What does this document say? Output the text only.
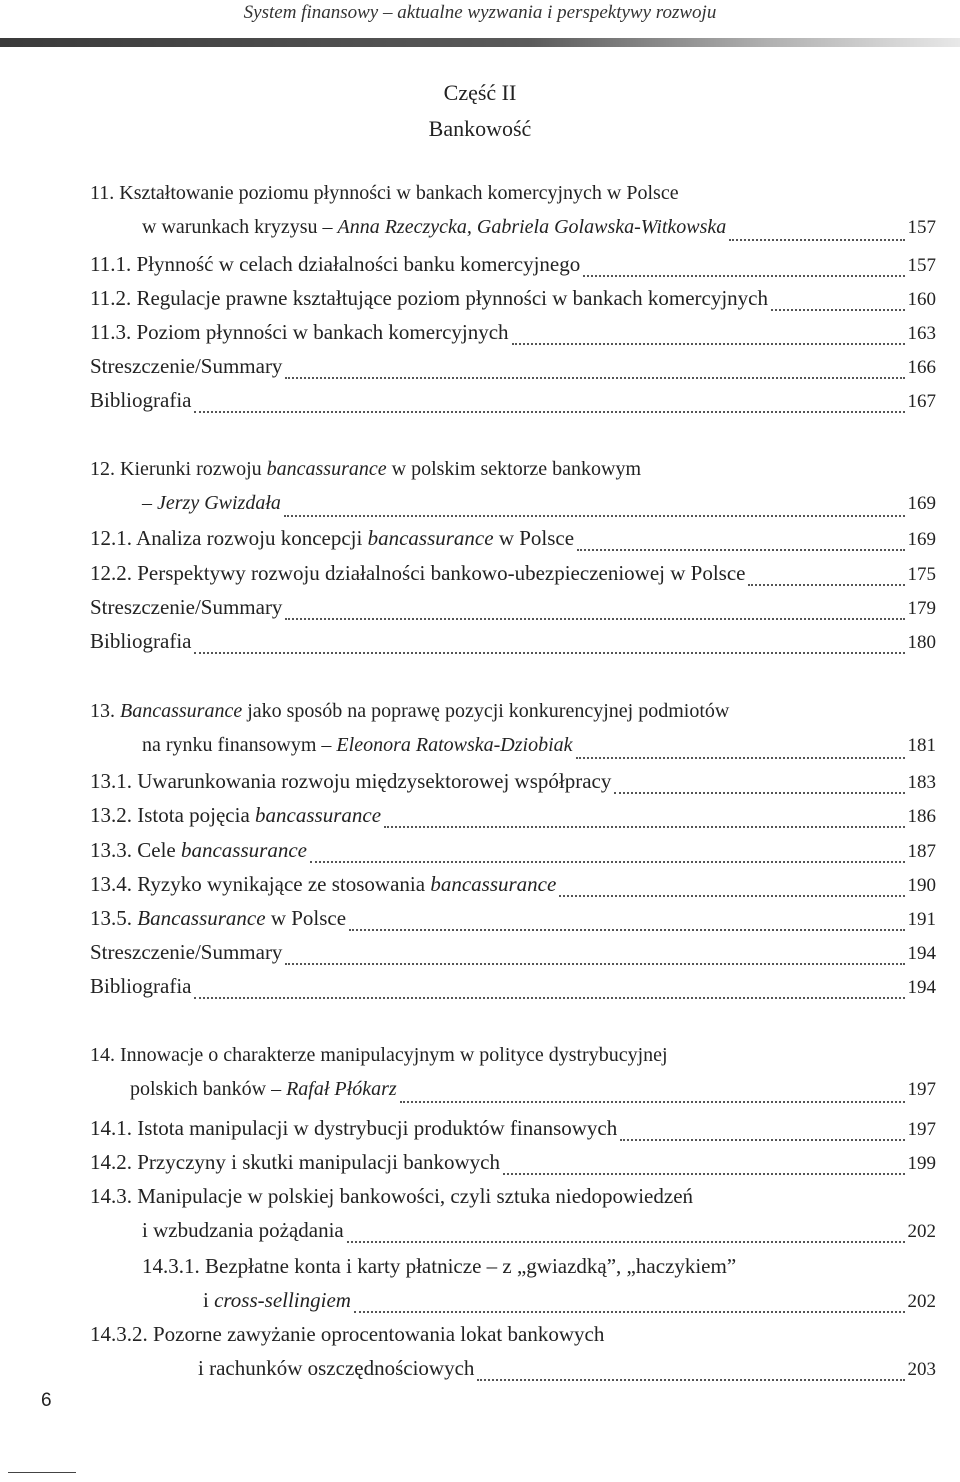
System finansowy – aktualne wyzwania i perspektywy rozwoju
Część II
Bankowość
11. Kształtowanie poziomu płynności w bankach komercyjnych w Polsce
w warunkach kryzysu – Anna Rzeczycka, Gabriela Golawska-Witkowska	157
11.1. Płynność w celach działalności banku komercyjnego	157
11.2. Regulacje prawne kształtujące poziom płynności w bankach komercyjnych	160
11.3. Poziom płynności w bankach komercyjnych	163
Streszczenie/Summary	166
Bibliografia	167
12. Kierunki rozwoju bancassurance w polskim sektorze bankowym
– Jerzy Gwizdała	169
12.1. Analiza rozwoju koncepcji bancassurance w Polsce	169
12.2. Perspektywy rozwoju działalności bankowo-ubezpieczeniowej w Polsce	175
Streszczenie/Summary	179
Bibliografia	180
13. Bancassurance jako sposób na poprawę pozycji konkurencyjnej podmiotów
na rynku finansowym – Eleonora Ratowska-Dziobiak	181
13.1. Uwarunkowania rozwoju międzysektorowej współpracy	183
13.2. Istota pojęcia bancassurance	186
13.3. Cele bancassurance	187
13.4. Ryzyko wynikające ze stosowania bancassurance	190
13.5. Bancassurance w Polsce	191
Streszczenie/Summary	194
Bibliografia	194
14. Innowacje o charakterze manipulacyjnym w polityce dystrybucyjnej
polskich banków – Rafał Płókarz	197
14.1. Istota manipulacji w dystrybucji produktów finansowych	197
14.2. Przyczyny i skutki manipulacji bankowych	199
14.3. Manipulacje w polskiej bankowości, czyli sztuka niedopowiedzeń
i wzbudzania pożądania	202
14.3.1. Bezpłatne konta i karty płatnicze – z „gwiazdką”, „haczykiem”
i cross-sellingiem	202
14.3.2. Pozorne zawyżanie oprocentowania lokat bankowych
i rachunków oszczędnościowych	203
6
